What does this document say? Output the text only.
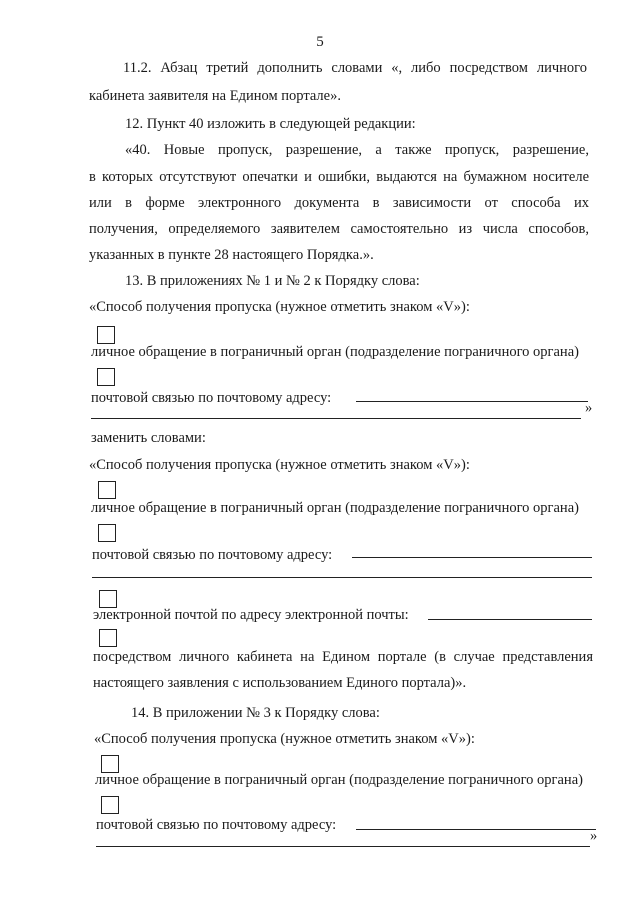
5
11.2. Абзац третий дополнить словами «, либо посредством личного
кабинета заявителя на Едином портале».
12. Пункт 40 изложить в следующей редакции:
«40. Новые пропуск, разрешение, а также пропуск, разрешение,
в которых отсутствуют опечатки и ошибки, выдаются на бумажном носителе
или в форме электронного документа в зависимости от способа их
получения, определяемого заявителем самостоятельно из числа способов,
указанных в пункте 28 настоящего Порядка.».
13. В приложениях № 1 и № 2 к Порядку слова:
«Способ получения пропуска (нужное отметить знаком «V»):
личное обращение в пограничный орган (подразделение пограничного органа)
почтовой связью по почтовому адресу:
»
заменить словами:
«Способ получения пропуска (нужное отметить знаком «V»):
личное обращение в пограничный орган (подразделение пограничного органа)
почтовой связью по почтовому адресу:
электронной почтой по адресу электронной почты:
посредством личного кабинета на Едином портале (в случае представления
настоящего заявления с использованием Единого портала)».
14. В приложении № 3 к Порядку слова:
«Способ получения пропуска (нужное отметить знаком «V»):
личное обращение в пограничный орган (подразделение пограничного органа)
почтовой связью по почтовому адресу:
»
